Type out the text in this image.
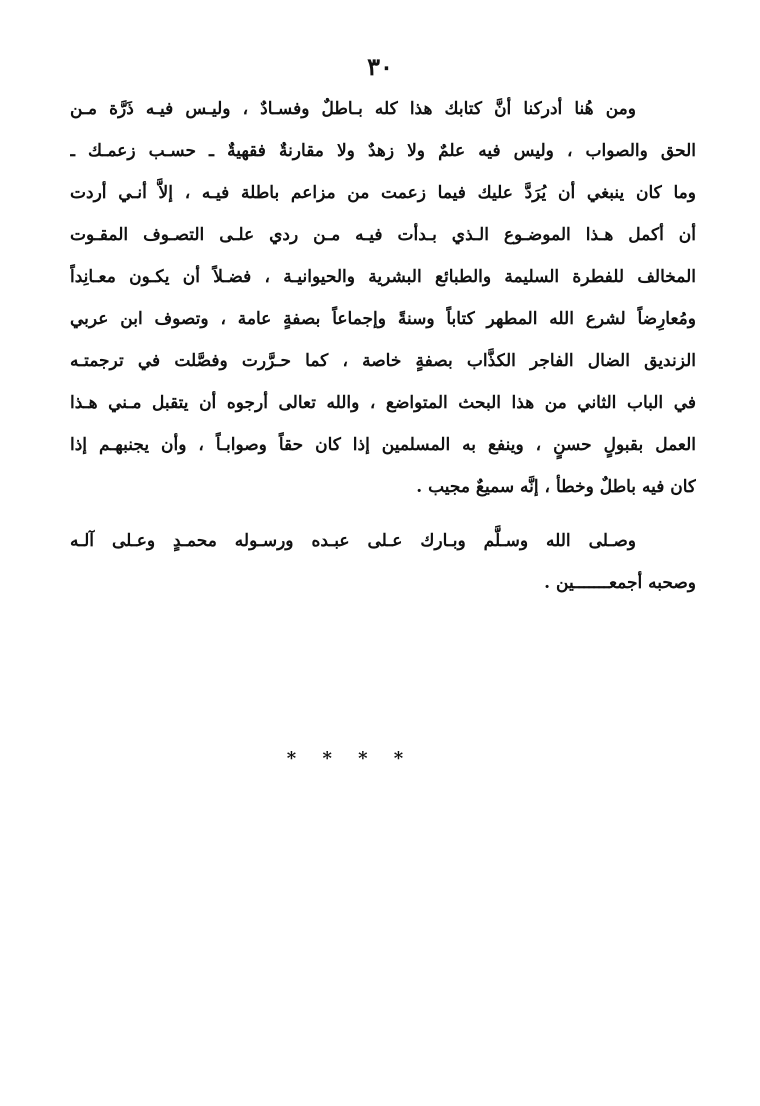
٣٠
ومن هُنا أدركنا أنَّ كتابك هذا كله بـاطلٌ وفسـادٌ ، وليـس فيـه ذَرَّة مـن
الحق والصواب ، وليس فيه علمٌ ولا زهدٌ ولا مقارنةٌ فقهيةٌ ـ حسـب زعمـك ـ
وما كان ينبغي أن يُرَدَّ عليك فيما زعمت من مزاعم باطلة فيـه ، إلاَّ أنـي أردت
أن أكمل هـذا الموضـوع الـذي بـدأت فيـه مـن ردي علـى التصـوف المقـوت
المخالف للفطرة السليمة والطبائع البشرية والحيوانيـة ، فضـلاً أن يكـون معـانِداً
ومُعارِضاً لشرع الله المطهر كتاباً وسنةً وإجماعاً بصفةٍ عامة ، وتصوف ابن عربي
الزنديق الضال الفاجر الكذَّاب بصفةٍ خاصة ، كما حـرَّرت وفصَّلت في ترجمتـه
في الباب الثاني من هذا البحث المتواضع ، والله تعالى أرجوه أن يتقبل مـني هـذا
العمل بقبولٍ حسنٍ ، وينفع به المسلمين إذا كان حقاً وصوابـاً ، وأن يجنبهـم إذا
كان فيه باطلٌ وخطأ ، إنَّه سميعٌ مجيب .
وصـلى الله وسـلَّم وبـارك عـلى عبـده ورسـوله محمـدٍ وعـلى آلـه
وصحبه أجمعـــــــين .
* * * *
